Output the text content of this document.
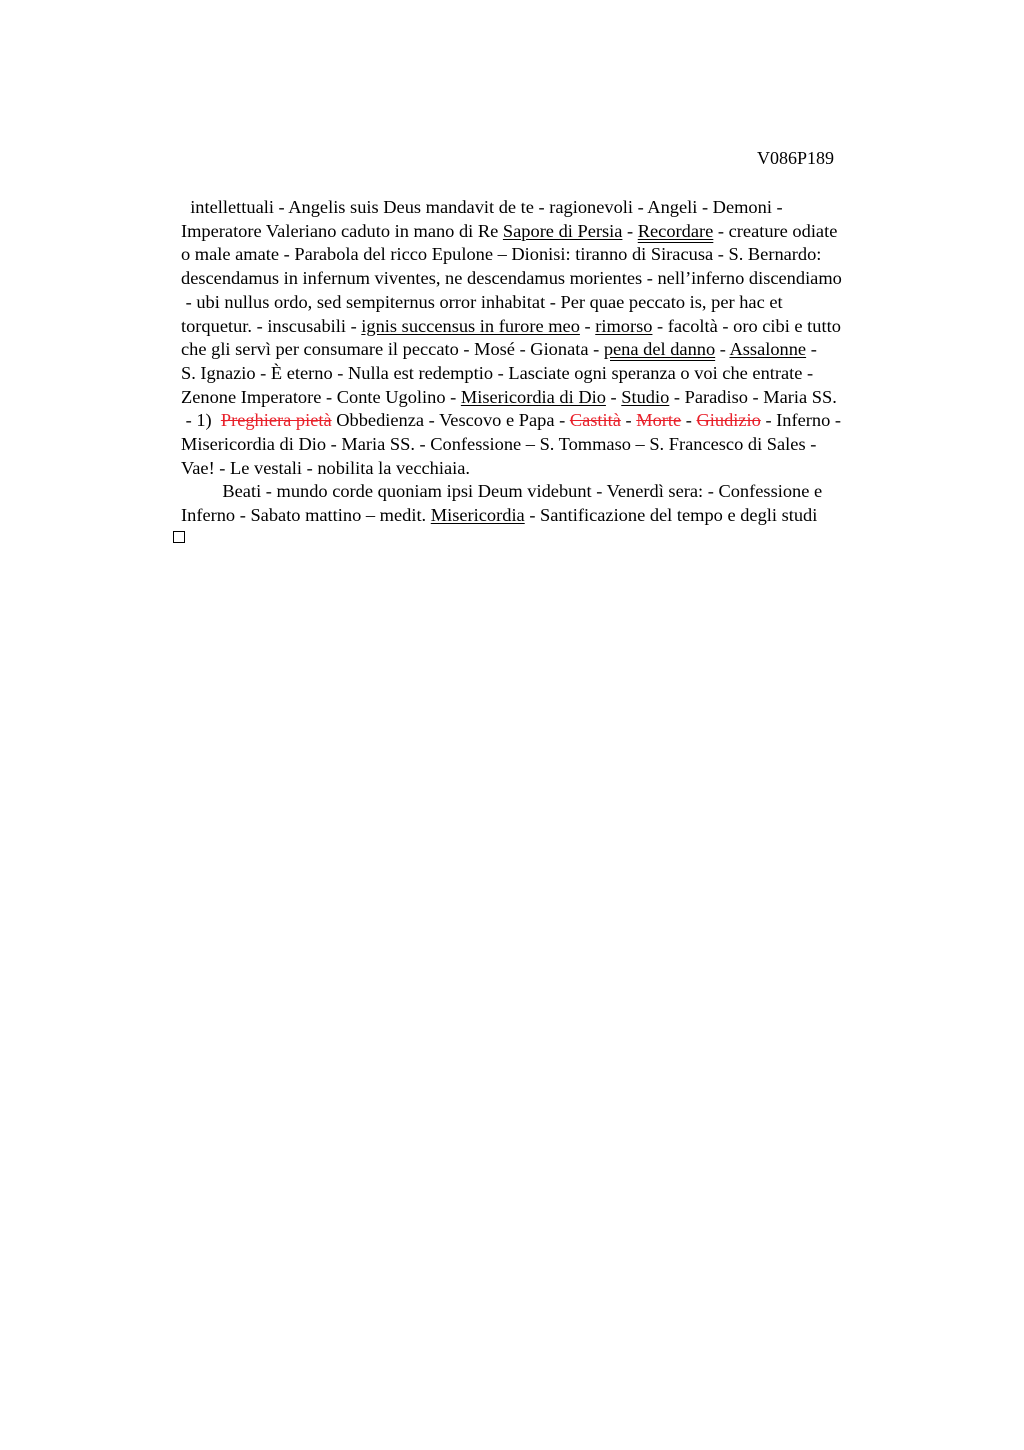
V086P189
intellettuali - Angelis suis Deus mandavit de te - ragionevoli - Angeli - Demoni -
Imperatore Valeriano caduto in mano di Re Sapore di Persia - Recordare - creature odiate
o male amate - Parabola del ricco Epulone – Dionisi: tiranno di Siracusa - S. Bernardo:
descendamus in infernum viventes, ne descendamus morientes - nell’inferno discendiamo
- ubi nullus ordo, sed sempiternus orror inhabitat - Per quae peccato is, per hac et
torquetur. - inscusabili - ignis succensus in furore meo - rimorso - facoltà - oro cibi e tutto
che gli servì per consumare il peccato - Mosé - Gionata - pena del danno - Assalonne -
S. Ignazio - È eterno - Nulla est redemptio - Lasciate ogni speranza o voi che entrate -
Zenone Imperatore - Conte Ugolino - Misericordia di Dio - Studio - Paradiso - Maria SS.
- 1)  Preghiera pietà Obbedienza - Vescovo e Papa - Castità - Morte - Giudizio - Inferno -
Misericordia di Dio - Maria SS. - Confessione – S. Tommaso – S. Francesco di Sales -
Vae! - Le vestali - nobilita la vecchiaia.
Beati - mundo corde quoniam ipsi Deum videbunt - Venerdì sera: - Confessione e
Inferno - Sabato mattino – medit. Misericordia - Santificazione del tempo e degli studi
